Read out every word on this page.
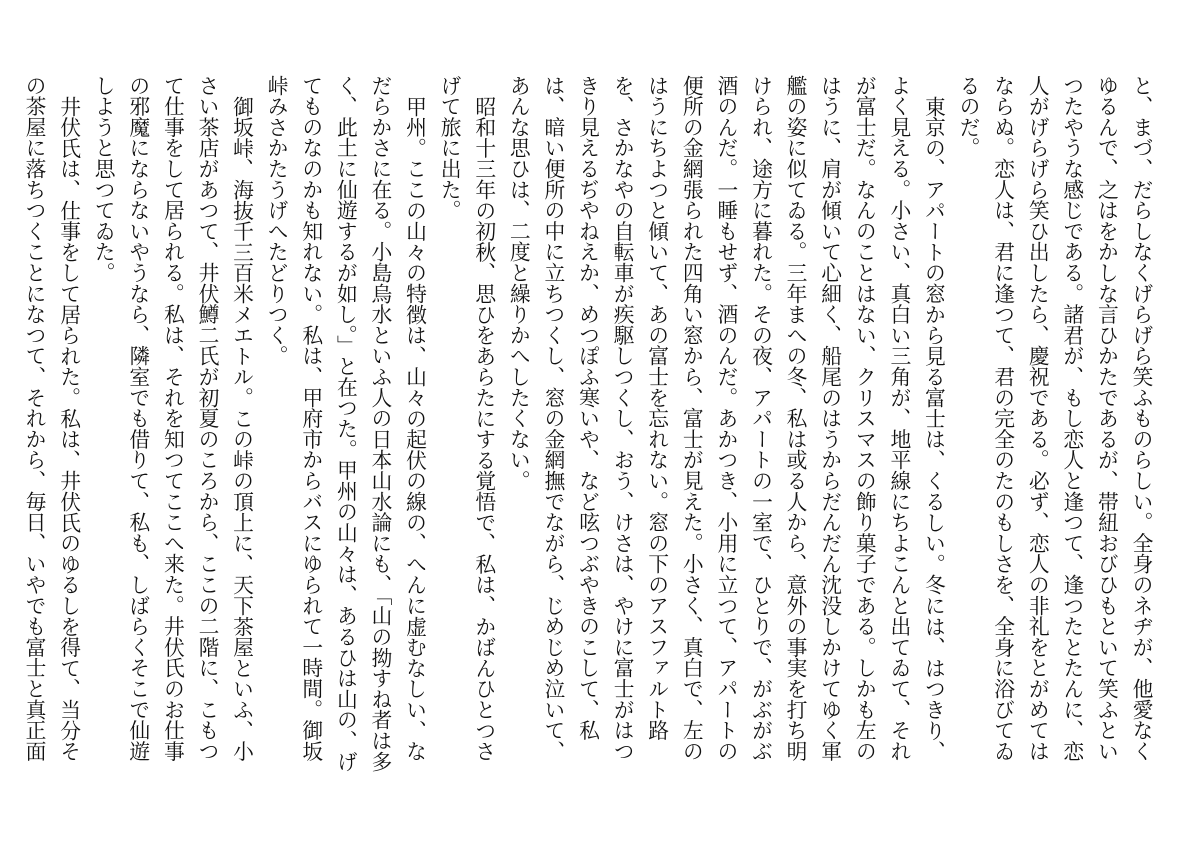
と、まづ、だらしなくげらげら笑ふものらしい。全身のネヂが、他愛なくゆるんで、之はをかしな言ひかたであるが、帯紐おびひもといて笑ふといつたやうな感じである。諸君が、もし恋人と逢つて、逢つたとたんに、恋人がげらげら笑ひ出したら、慶祝である。必ず、恋人の非礼をとがめてはならぬ。恋人は、君に逢つて、君の完全のたのもしさを、全身に浴びてゐるのだ。

東京の、アパートの窓から見る富士は、くるしい。冬には、はつきり、よく見える。小さい、真白い三角が、地平線にちよこんと出てゐて、それが富士だ。なんのことはない、クリスマスの飾り菓子である。しかも左のはうに、肩が傾いて心細く、船尾のはうからだんだん沈没しかけてゆく軍艦の姿に似てゐる。三年まへの冬、私は或る人から、意外の事実を打ち明けられ、途方に暮れた。その夜、アパートの一室で、ひとりで、がぶがぶ酒のんだ。一睡もせず、酒のんだ。あかつき、小用に立つて、アパートの便所の金網張られた四角い窓から、富士が見えた。小さく、真白で、左のはうにちよつと傾いて、あの富士を忘れない。窓の下のアスファルト路を、さかなやの自転車が疾駆しつくし、おう、けさは、やけに富士がはつきり見えるぢやねえか、めつぽふ寒いや、など呟つぶやきのこして、私は、暗い便所の中に立ちつくし、窓の金網撫でながら、じめじめ泣いて、あんな思ひは、二度と繰りかへしたくない。

昭和十三年の初秋、思ひをあらたにする覚悟で、私は、かばんひとつさげて旅に出た。

甲州。ここの山々の特徴は、山々の起伏の線の、へんに虚むなしい、なだらかさに在る。小島烏水といふ人の日本山水論にも、「山の拗すね者は多く、此土に仙遊するが如し。」と在つた。甲州の山々は、あるひは山の、げてものなのかも知れない。私は、甲府市からバスにゆられて一時間。御坂峠みさかたうげへたどりつく。

御坂峠、海抜千三百米メエトル。この峠の頂上に、天下茶屋といふ、小さい茶店があつて、井伏鱒二氏が初夏のころから、ここの二階に、こもつて仕事をして居られる。私は、それを知つてここへ来た。井伏氏のお仕事の邪魔にならないやうなら、隣室でも借りて、私も、しばらくそこで仙遊しようと思つてゐた。

井伏氏は、仕事をして居られた。私は、井伏氏のゆるしを得て、当分その茶屋に落ちつくことになつて、それから、毎日、いやでも富士と真正面
